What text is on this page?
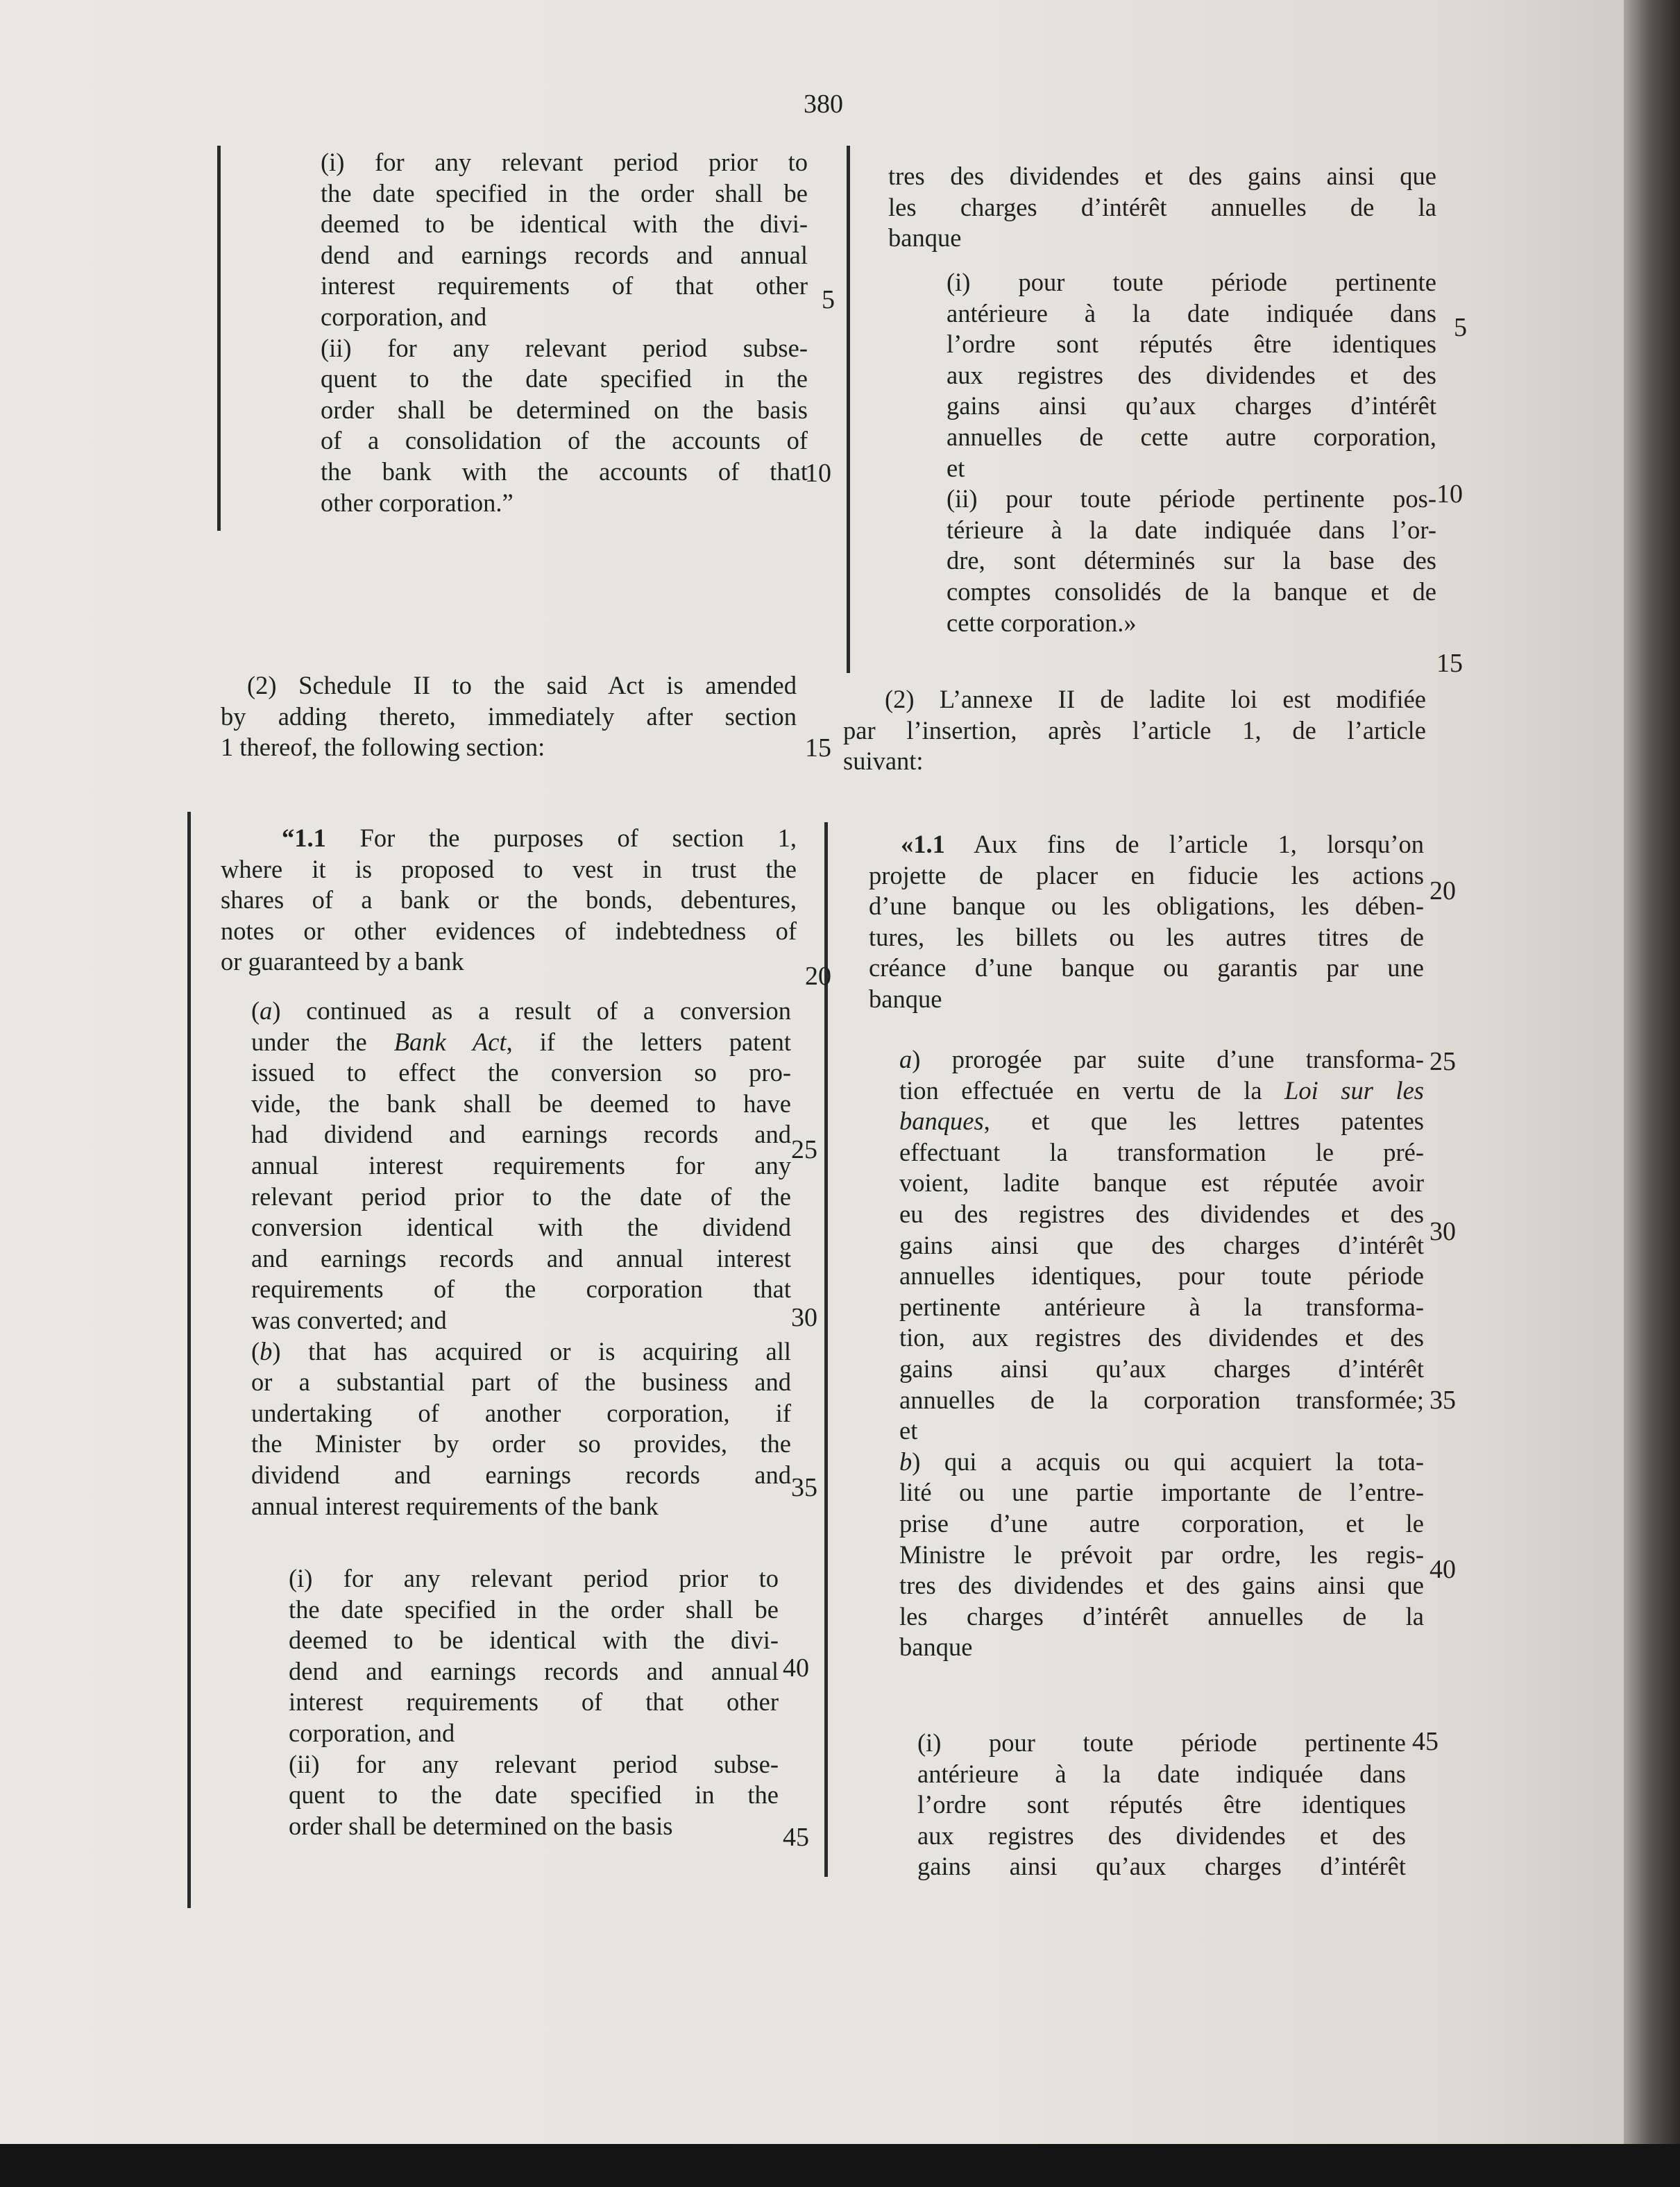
380
(i) for any relevant period prior to
the date specified in the order shall be
deemed to be identical with the divi-
dend and earnings records and annual
interest requirements of that other
corporation, and
(ii) for any relevant period subse-
quent to the date specified in the
order shall be determined on the basis
of a consolidation of the accounts of
the bank with the accounts of that
other corporation.”
tres des dividendes et des gains ainsi que
les charges d’intérêt annuelles de la
banque
(i) pour toute période pertinente
antérieure à la date indiquée dans
l’ordre sont réputés être identiques
aux registres des dividendes et des
gains ainsi qu’aux charges d’intérêt
annuelles de cette autre corporation,
et
(ii) pour toute période pertinente pos-
térieure à la date indiquée dans l’or-
dre, sont déterminés sur la base des
comptes consolidés de la banque et de
cette corporation.»
(2) Schedule II to the said Act is amended
by adding thereto, immediately after section
1 thereof, the following section:
(2) L’annexe II de ladite loi est modifiée
par l’insertion, après l’article 1, de l’article
suivant:
“1.1 For the purposes of section 1,
where it is proposed to vest in trust the
shares of a bank or the bonds, debentures,
notes or other evidences of indebtedness of
or guaranteed by a bank
(a) continued as a result of a conversion
under the Bank Act, if the letters patent
issued to effect the conversion so pro-
vide, the bank shall be deemed to have
had dividend and earnings records and
annual interest requirements for any
relevant period prior to the date of the
conversion identical with the dividend
and earnings records and annual interest
requirements of the corporation that
was converted; and
(b) that has acquired or is acquiring all
or a substantial part of the business and
undertaking of another corporation, if
the Minister by order so provides, the
dividend and earnings records and
annual interest requirements of the bank
(i) for any relevant period prior to
the date specified in the order shall be
deemed to be identical with the divi-
dend and earnings records and annual
interest requirements of that other
corporation, and
(ii) for any relevant period subse-
quent to the date specified in the
order shall be determined on the basis
«1.1 Aux fins de l’article 1, lorsqu’on
projette de placer en fiducie les actions
d’une banque ou les obligations, les dében-
tures, les billets ou les autres titres de
créance d’une banque ou garantis par une
banque
a) prorogée par suite d’une transforma-
tion effectuée en vertu de la Loi sur les
banques, et que les lettres patentes
effectuant la transformation le pré-
voient, ladite banque est réputée avoir
eu des registres des dividendes et des
gains ainsi que des charges d’intérêt
annuelles identiques, pour toute période
pertinente antérieure à la transforma-
tion, aux registres des dividendes et des
gains ainsi qu’aux charges d’intérêt
annuelles de la corporation transformée;
et
b) qui a acquis ou qui acquiert la tota-
lité ou une partie importante de l’entre-
prise d’une autre corporation, et le
Ministre le prévoit par ordre, les regis-
tres des dividendes et des gains ainsi que
les charges d’intérêt annuelles de la
banque
(i) pour toute période pertinente
antérieure à la date indiquée dans
l’ordre sont réputés être identiques
aux registres des dividendes et des
gains ainsi qu’aux charges d’intérêt
5
10
15
20
25
30
35
40
45
5
10
15
20
25
30
35
40
45
